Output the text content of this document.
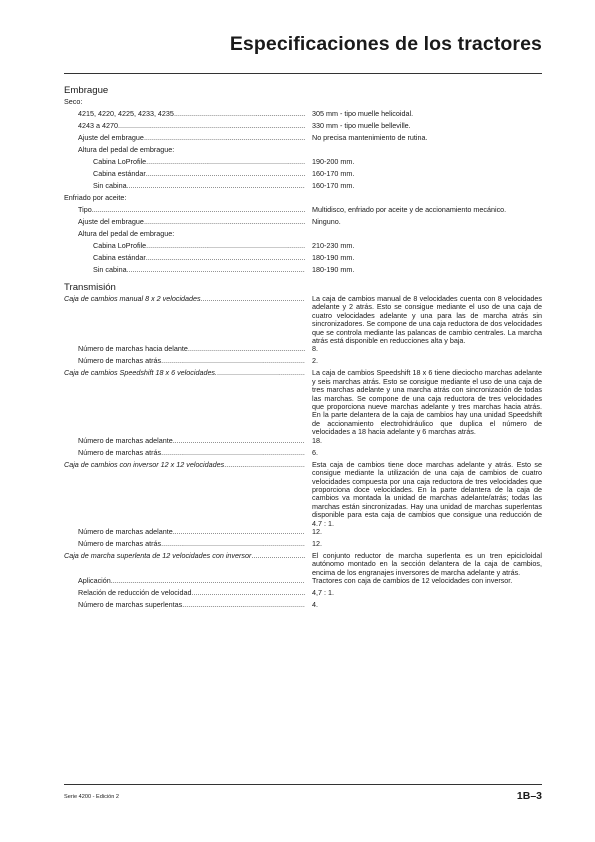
Especificaciones de los tractores
Embrague
Seco:
4215, 4220, 4225, 4233, 4235 .....	305 mm - tipo muelle helicoidal.
4243 a 4270 .....	330 mm - tipo muelle belleville.
Ajuste del embrague .....	No precisa mantenimiento de rutina.
Altura del pedal de embrague:
Cabina LoProfile .....	190-200 mm.
Cabina estándar .....	160-170 mm.
Sin cabina .....	160-170 mm.
Enfriado por aceite:
Tipo .....	Multidisco, enfriado por aceite y de accionamiento mecánico.
Ajuste del embrague .....	Ninguno.
Altura del pedal de embrague:
Cabina LoProfile .....	210-230 mm.
Cabina estándar .....	180-190 mm.
Sin cabina .....	180-190 mm.
Transmisión
Caja de cambios manual 8 x 2 velocidades .....	La caja de cambios manual de 8 velocidades cuenta con 8 velocidades adelante y 2 atrás. Esto se consigue mediante el uso de una caja de cuatro velocidades adelante y una para las de marcha atrás sin sincronizadores. Se compone de una caja reductora de dos velocidades que se controla mediante las palancas de cambio centrales. La marcha atrás está disponible en reducciones alta y baja.
Número de marchas hacia delante .....	8.
Número de marchas atrás .....	2.
Caja de cambios Speedshift 18 x 6 velocidades. .....	La caja de cambios Speedshift 18 x 6 tiene dieciocho marchas adelante y seis marchas atrás. Esto se consigue mediante el uso de una caja de tres marchas adelante y una marcha atrás con sincronización de todas las marchas. Se compone de una caja reductora de tres velocidades que proporciona nueve marchas adelante y tres marchas hacia atrás. En la parte delantera de la caja de cambios hay una unidad Speedshift de accionamiento electrohidráulico que duplica el número de velocidades a 18 hacia adelante y 6 marchas atrás.
Número de marchas adelante .....	18.
Número de marchas atrás .....	6.
Caja de cambios con inversor 12 x 12 velocidades .....	Esta caja de cambios tiene doce marchas adelante y atrás. Esto se consigue mediante la utilización de una caja de cambios de cuatro velocidades compuesta por una caja reductora de tres velocidades que proporciona doce velocidades. En la parte delantera de la caja de cambios va montada la unidad de marchas adelante/atrás; todas las marchas están sincronizadas. Hay una unidad de marchas superlentas disponible para esta caja de cambios que consigue una reducción de 4.7 : 1.
Número de marchas adelante .....	12.
Número de marchas atrás .....	12.
Caja de marcha superlenta de 12 velocidades con inversor .....	El conjunto reductor de marcha superlenta es un tren epicicloidal autónomo montado en la sección delantera de la caja de cambios, encima de los engranajes inversores de marcha adelante y atrás.
Aplicación .....	Tractores con caja de cambios de 12 velocidades con inversor.
Relación de reducción de velocidad .....	4,7 : 1.
Número de marchas superlentas .....	4.
Serie 4200 - Edición 2	1B–3
